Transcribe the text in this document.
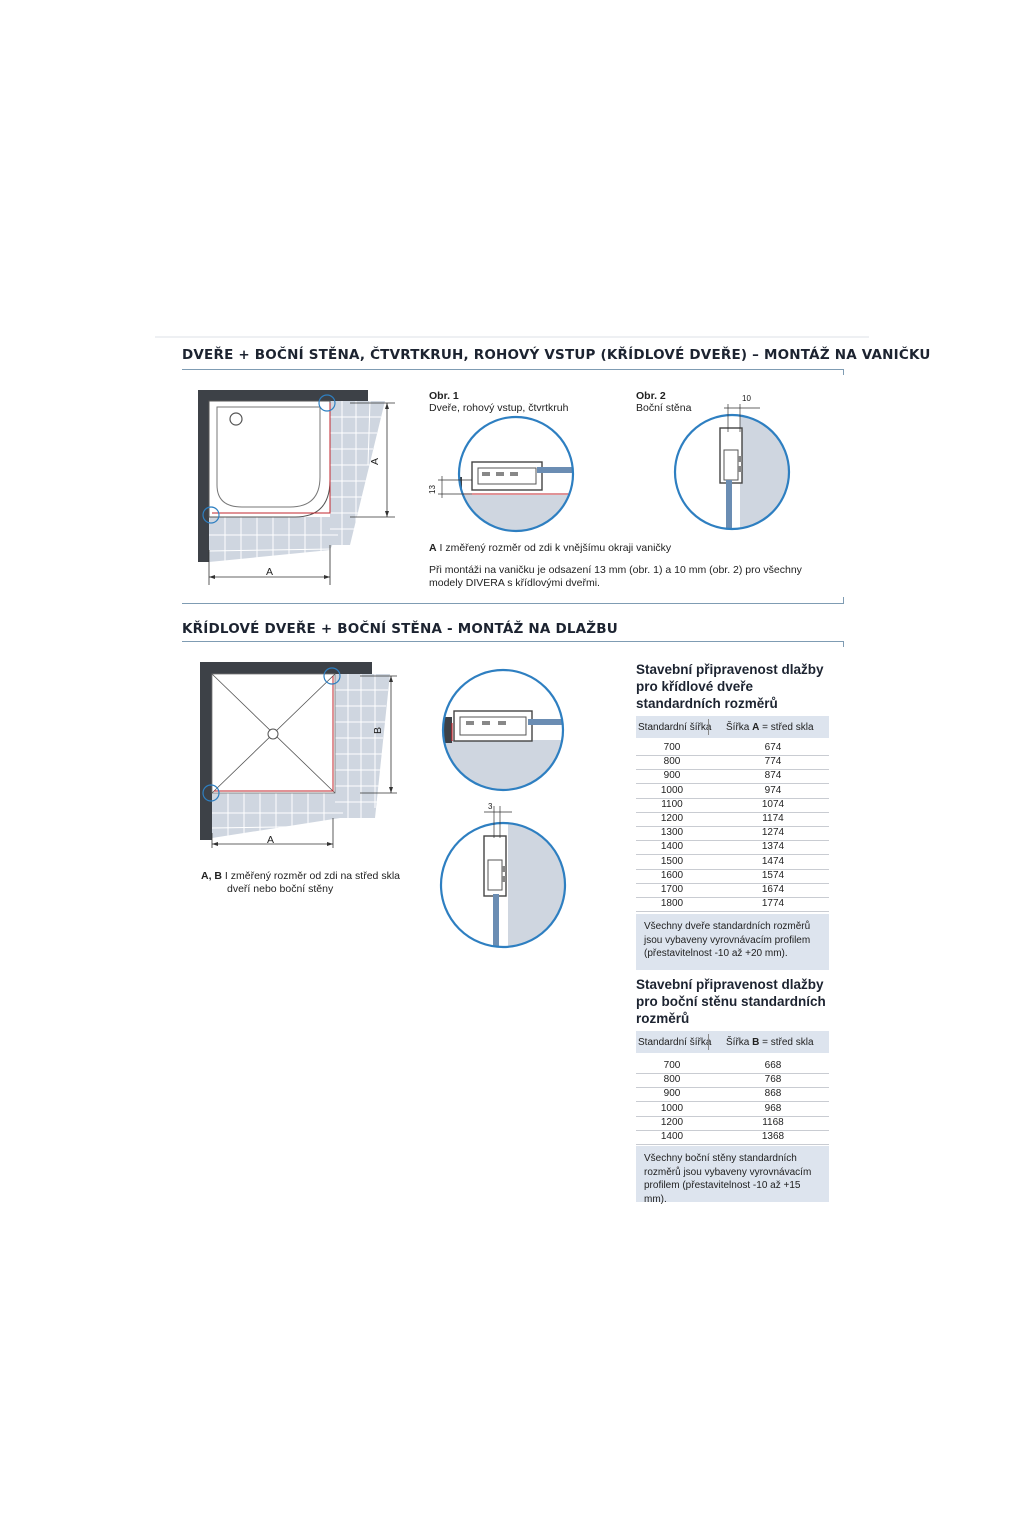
DVEŘE + BOČNÍ STĚNA, ČTVRTKRUH, ROHOVÝ VSTUP (KŘÍDLOVÉ DVEŘE) – MONTÁŽ NA VANIČKU
A
A
Obr. 1
Dveře, rohový vstup, čtvrtkruh
13
Obr. 2
Boční stěna
10
A I změřený rozměr od zdi k vnějšímu okraji vaničky
Při montáži na vaničku je odsazení 13 mm (obr. 1) a 10 mm (obr. 2) pro všechny modely DIVERA s křídlovými dveřmi.
KŘÍDLOVÉ DVEŘE + BOČNÍ STĚNA - MONTÁŽ NA DLAŽBU
A
B
A, B I změřený rozměr od zdi na střed skla
dveří nebo boční stěny
3
Stavební připravenost dlažby pro křídlové dveře standardních rozměrů
Standardní šířka Šířka A = střed skla
700	674
800	774
900	874
1000	974
1100	1074
1200	1174
1300	1274
1400	1374
1500	1474
1600	1574
1700	1674
1800	1774
Všechny dveře standardních rozměrů jsou vybaveny vyrovnávacím profilem (přestavitelnost -10 až +20 mm).
Stavební připravenost dlažby pro boční stěnu standardních rozměrů
Standardní šířka Šířka B = střed skla
700	668
800	768
900	868
1000	968
1200	1168
1400	1368
Všechny boční stěny standardních rozměrů jsou vybaveny vyrovnávacím profilem (přestavitelnost -10 až +15 mm).
